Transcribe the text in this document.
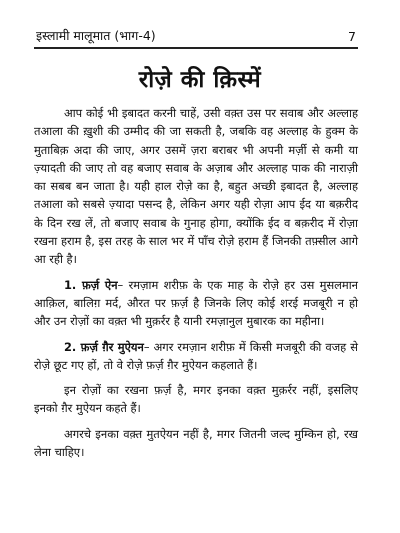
इस्लामी मालूमात (भाग-4)	7
रोज़े की क़िस्में

आप कोई भी इबादत करनी चाहें, उसी वक़्त उस पर सवाब और अल्लाह तआला की ख़ुशी की उम्मीद की जा सकती है, जबकि वह अल्लाह के हुक्म के मुताबिक़ अदा की जाए, अगर उसमें ज़रा बराबर भी अपनी मर्ज़ी से कमी या ज़्यादती की जाए तो वह बजाए सवाब के अज़ाब और अल्लाह पाक की नाराज़ी का सबब बन जाता है। यही हाल रोज़े का है, बहुत अच्छी इबादत है, अल्लाह तआला को सबसे ज़्यादा पसन्द है, लेकिन अगर यही रोज़ा आप ईद या बक़रीद के दिन रख लें, तो बजाए सवाब के गुनाह होगा, क्योंकि ईद व बक़रीद में रोज़ा रखना हराम है, इस तरह के साल भर में पाँच रोज़े हराम हैं जिनकी तफ़्सील आगे आ रही है।

1. फ़र्ज़ ऐन– रमज़ाम शरीफ़ के एक माह के रोज़े हर उस मुसलमान आक़िल, बालिग़ मर्द, औरत पर फ़र्ज़ है जिनके लिए कोई शरई मजबूरी न हो और उन रोज़ों का वक़्त भी मुक़र्रर है यानी रमज़ानुल मुबारक का महीना।

2. फ़र्ज़ ग़ैर मुऐयन– अगर रमज़ान शरीफ़ में किसी मजबूरी की वजह से रोज़े छूट गए हों, तो वे रोज़े फ़र्ज़ ग़ैर मुऐयन कहलाते हैं।

इन रोज़ों का रखना फ़र्ज़ है, मगर इनका वक़्त मुक़र्रर नहीं, इसलिए इनको ग़ैर मुऐयन कहते हैं।

अगरचे इनका वक़्त मुतऐयन नहीं है, मगर जितनी जल्द मुम्किन हो, रख लेना चाहिए।
